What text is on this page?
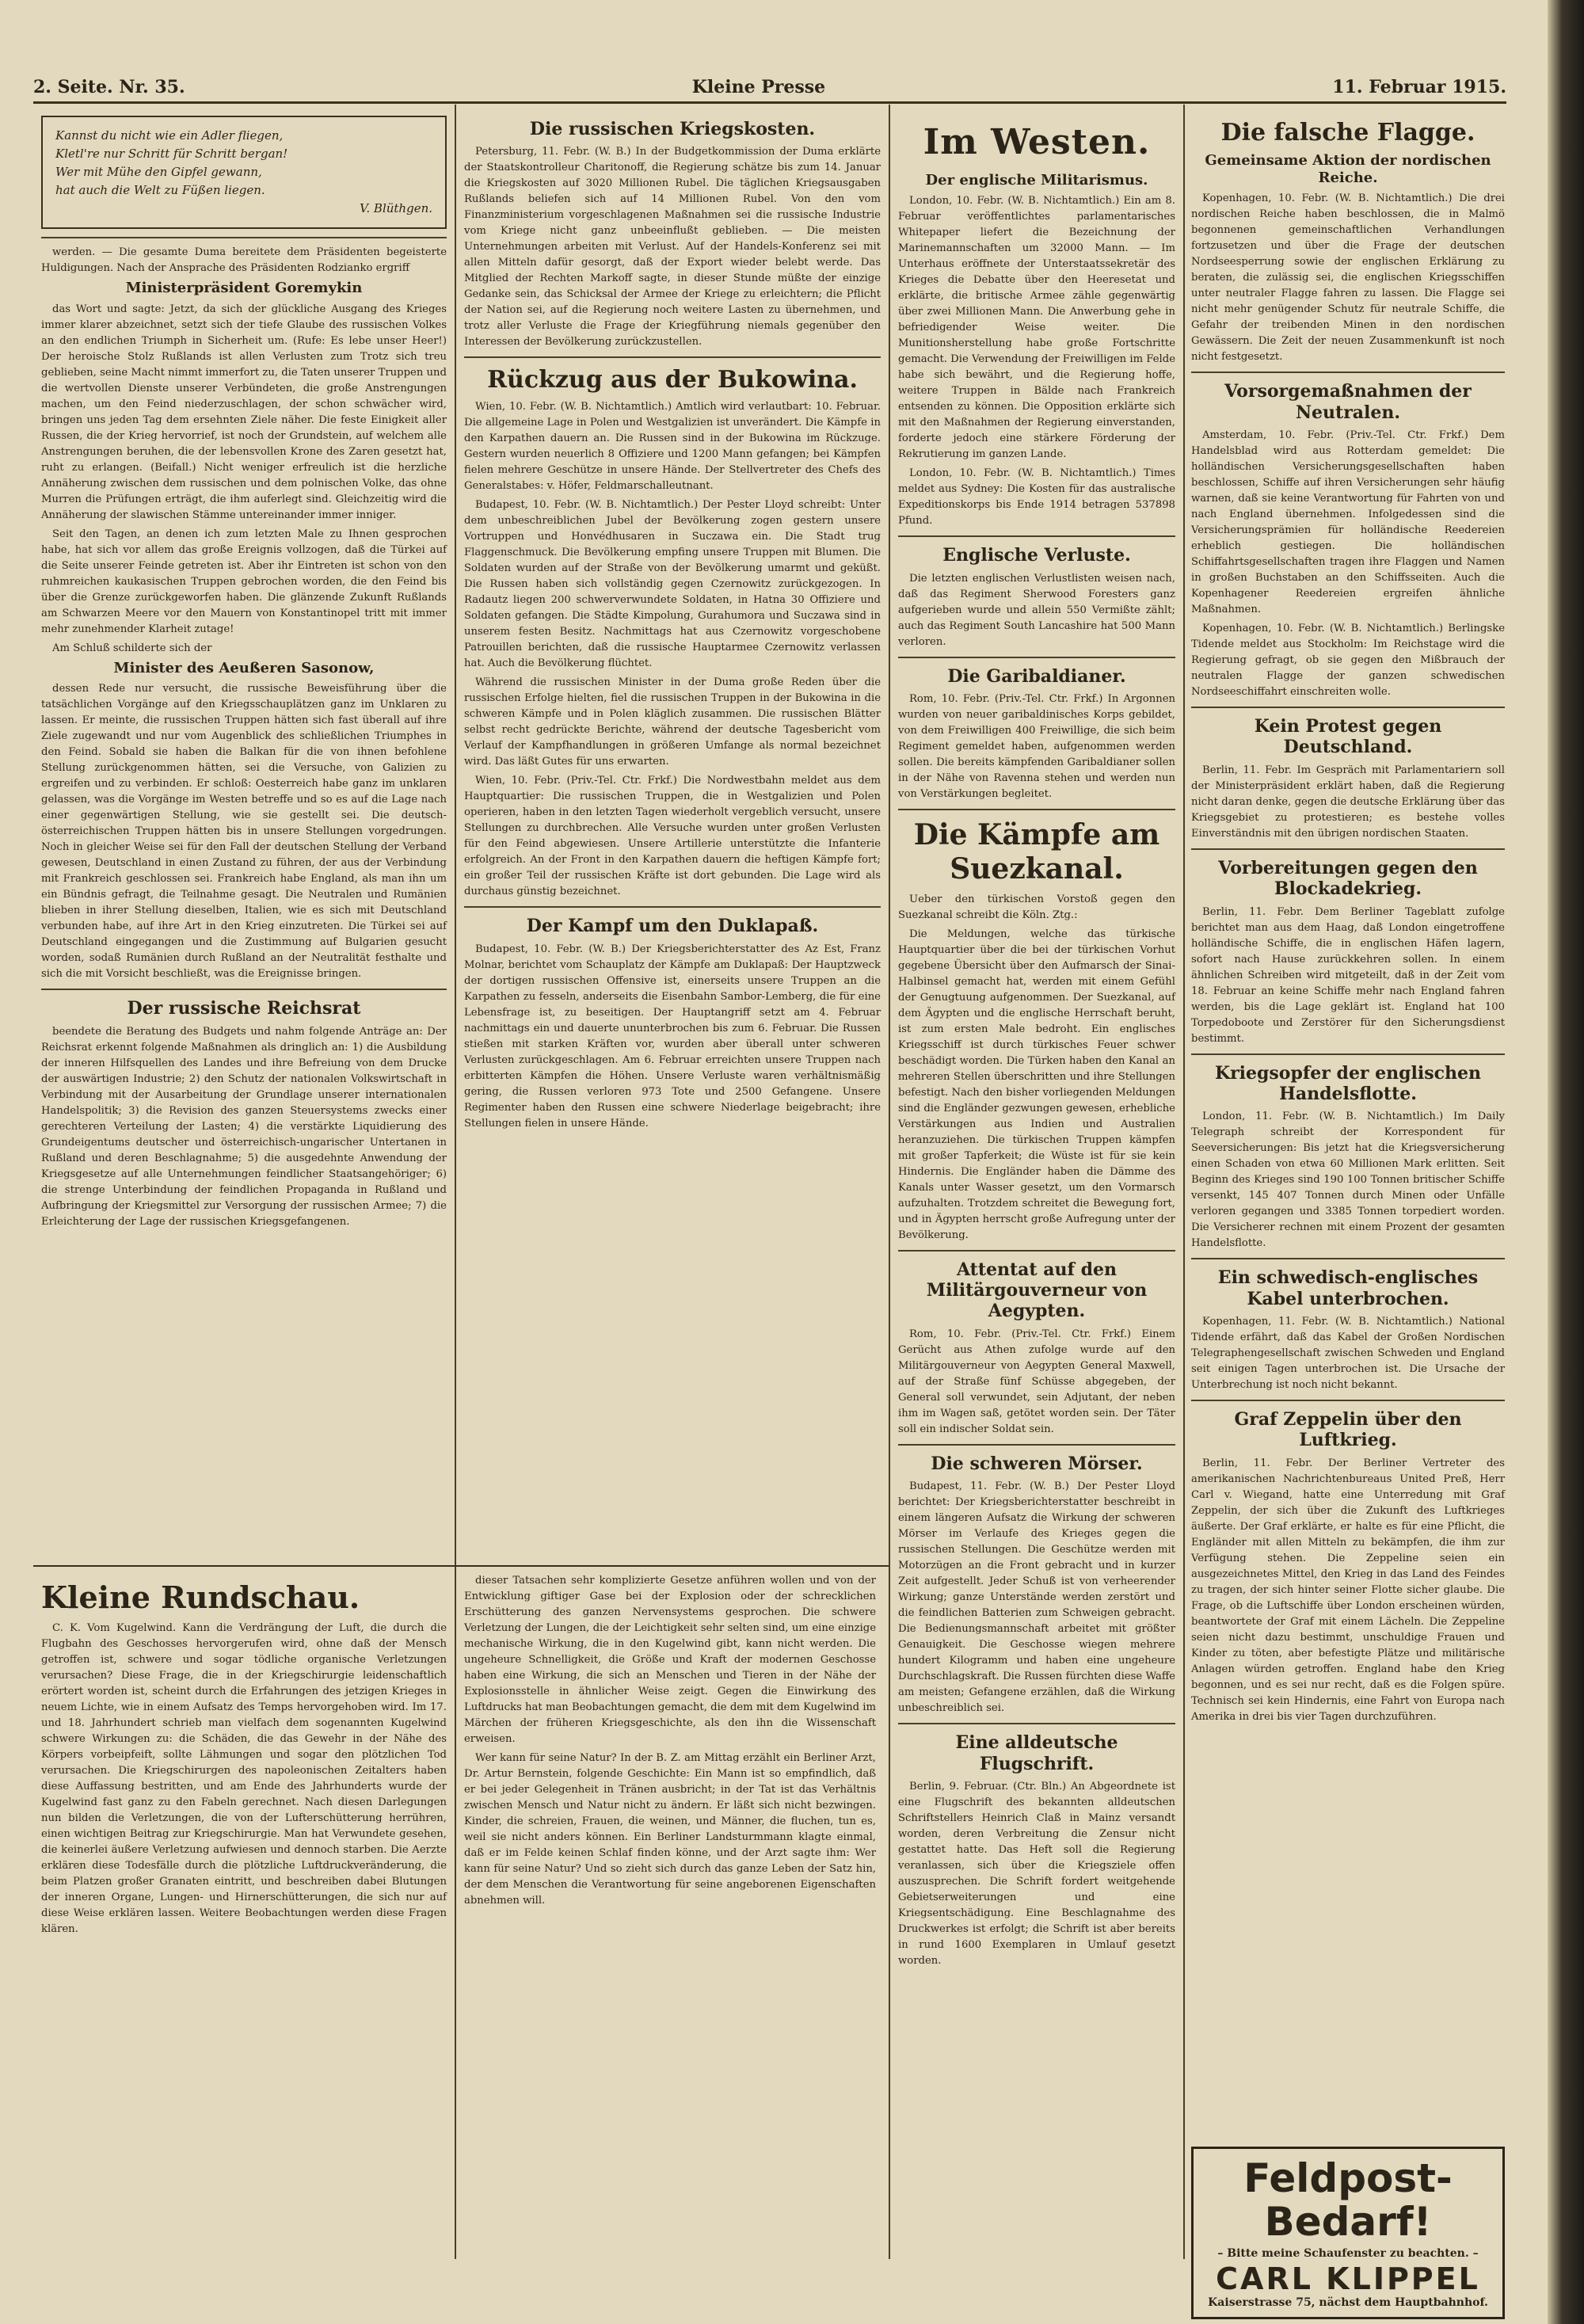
2. Seite. Nr. 35.	Kleine Presse	11. Februar 1915.
Kannst du nicht wie ein Adler fliegen,
Kletl're nur Schritt für Schritt bergan!
Wer mit Mühe den Gipfel gewann,
hat auch die Welt zu Füßen liegen.
V. Blüthgen.

werden. — Die gesamte Duma bereitete dem Präsidenten begeisterte Huldigungen. Nach der Ansprache des Präsidenten Rodzianko ergriff

Ministerpräsident Goremykin

das Wort und sagte: Jetzt, da sich der glückliche Ausgang des Krieges immer klarer abzeichnet, setzt sich der tiefe Glaube des russischen Volkes an den endlichen Triumph in Sicherheit um. (Rufe: Es lebe unser Heer!) Der heroische Stolz Rußlands ist allen Verlusten zum Trotz sich treu geblieben, seine Macht nimmt immerfort zu, die Taten unserer Truppen und die wertvollen Dienste unserer Verbündeten, die große Anstrengungen machen, um den Feind niederzuschlagen, der schon schwächer wird, bringen uns jeden Tag dem ersehnten Ziele näher. Die feste Einigkeit aller Russen, die der Krieg hervorrief, ist noch der Grundstein, auf welchem alle Anstrengungen beruhen, die der lebensvollen Krone des Zaren gesetzt hat, ruht zu erlangen. (Beifall.) Nicht weniger erfreulich ist die herzliche Annäherung zwischen dem russischen und dem polnischen Volke, das ohne Murren die Prüfungen erträgt, die ihm auferlegt sind. Gleichzeitig wird die Annäherung der slawischen Stämme untereinander immer inniger.

Seit den Tagen, an denen ich zum letzten Male zu Ihnen gesprochen habe, hat sich vor allem das große Ereignis vollzogen, daß die Türkei auf die Seite unserer Feinde getreten ist. Aber ihr Eintreten ist schon von den ruhmreichen kaukasischen Truppen gebrochen worden, die den Feind bis über die Grenze zurückgeworfen haben. Die glänzende Zukunft Rußlands am Schwarzen Meere vor den Mauern von Konstantinopel tritt mit immer mehr zunehmender Klarheit zutage!

Am Schluß schilderte sich der

Minister des Aeußeren Sasonow,

dessen Rede nur versucht, die russische Beweisführung über die tatsächlichen Vorgänge auf den Kriegsschauplätzen ganz im Unklaren zu lassen. Er meinte, die russischen Truppen hätten sich fast überall auf ihre Ziele zugewandt und nur vom Augenblick des schließlichen Triumphes in den Feind. Sobald sie haben die Balkan für die von ihnen befohlene Stellung zurückgenommen hätten, sei die Versuche, von Galizien zu ergreifen und zu verbinden. Er schloß: Oesterreich habe ganz im unklaren gelassen, was die Vorgänge im Westen betreffe und so es auf die Lage nach einer gegenwärtigen Stellung, wie sie gestellt sei. Die deutsch-österreichischen Truppen hätten bis in unsere Stellungen vorgedrungen. Noch in gleicher Weise sei für den Fall der deutschen Stellung der Verband gewesen, Deutschland in einen Zustand zu führen, der aus der Verbindung mit Frankreich geschlossen sei. Frankreich habe England, als man ihn um ein Bündnis gefragt, die Teilnahme gesagt. Die Neutralen und Rumänien blieben in ihrer Stellung dieselben, Italien, wie es sich mit Deutschland verbunden habe, auf ihre Art in den Krieg einzutreten. Die Türkei sei auf Deutschland eingegangen und die Zustimmung auf Bulgarien gesucht worden, sodaß Rumänien durch Rußland an der Neutralität festhalte und sich die mit Vorsicht beschließt, was die Ereignisse bringen.

Der russische Reichsrat

beendete die Beratung des Budgets und nahm folgende Anträge an: Der Reichsrat erkennt folgende Maßnahmen als dringlich an: 1) die Ausbildung der inneren Hilfsquellen des Landes und ihre Befreiung von dem Drucke der auswärtigen Industrie; 2) den Schutz der nationalen Volkswirtschaft in Verbindung mit der Ausarbeitung der Grundlage unserer internationalen Handelspolitik; 3) die Revision des ganzen Steuersystems zwecks einer gerechteren Verteilung der Lasten; 4) die verstärkte Liquidierung des Grundeigentums deutscher und österreichisch-ungarischer Untertanen in Rußland und deren Beschlagnahme; 5) die ausgedehnte Anwendung der Kriegsgesetze auf alle Unternehmungen feindlicher Staatsangehöriger; 6) die strenge Unterbindung der feindlichen Propaganda in Rußland und Aufbringung der Kriegsmittel zur Versorgung der russischen Armee; 7) die Erleichterung der Lage der russischen Kriegsgefangenen.

Die russischen Kriegskosten.

Petersburg, 11. Febr. (W. B.) In der Budgetkommission der Duma erklärte der Staatskontrolleur Charitonoff, die Regierung schätze bis zum 14. Januar die Kriegskosten auf 3020 Millionen Rubel. Die täglichen Kriegsausgaben Rußlands beliefen sich auf 14 Millionen Rubel. Von den vom Finanzministerium vorgeschlagenen Maßnahmen sei die russische Industrie vom Kriege nicht ganz unbeeinflußt geblieben. — Die meisten Unternehmungen arbeiten mit Verlust. Auf der Handels-Konferenz sei mit allen Mitteln dafür gesorgt, daß der Export wieder belebt werde. Das Mitglied der Rechten Markoff sagte, in dieser Stunde müßte der einzige Gedanke sein, das Schicksal der Armee der Kriege zu erleichtern; die Pflicht der Nation sei, auf die Regierung noch weitere Lasten zu übernehmen, und trotz aller Verluste die Frage der Kriegführung niemals gegenüber den Interessen der Bevölkerung zurückzustellen.

Rückzug aus der Bukowina.

Wien, 10. Febr. (W. B. Nichtamtlich.) Amtlich wird verlautbart: 10. Februar. Die allgemeine Lage in Polen und Westgalizien ist unverändert. Die Kämpfe in den Karpathen dauern an. Die Russen sind in der Bukowina im Rückzuge. Gestern wurden neuerlich 8 Offiziere und 1200 Mann gefangen; bei Kämpfen fielen mehrere Geschütze in unsere Hände. Der Stellvertreter des Chefs des Generalstabes: v. Höfer, Feldmarschalleutnant.

Budapest, 10. Febr. (W. B. Nichtamtlich.) Der Pester Lloyd schreibt: Unter dem unbeschreiblichen Jubel der Bevölkerung zogen gestern unsere Vortruppen und Honvédhusaren in Suczawa ein. Die Stadt trug Flaggenschmuck. Die Bevölkerung empfing unsere Truppen mit Blumen. Die Soldaten wurden auf der Straße von der Bevölkerung umarmt und geküßt. Die Russen haben sich vollständig gegen Czernowitz zurückgezogen. In Radautz liegen 200 schwerverwundete Soldaten, in Hatna 30 Offiziere und Soldaten gefangen. Die Städte Kimpolung, Gurahumora und Suczawa sind in unserem festen Besitz. Nachmittags hat aus Czernowitz vorgeschobene Patrouillen berichten, daß die russische Hauptarmee Czernowitz verlassen hat. Auch die Bevölkerung flüchtet.

Während die russischen Minister in der Duma große Reden über die russischen Erfolge hielten, fiel die russischen Truppen in der Bukowina in die schweren Kämpfe und in Polen kläglich zusammen. Die russischen Blätter selbst recht gedrückte Berichte, während der deutsche Tagesbericht vom Verlauf der Kampfhandlungen in größeren Umfange als normal bezeichnet wird. Das läßt Gutes für uns erwarten.

Wien, 10. Febr. (Priv.-Tel. Ctr. Frkf.) Die Nordwestbahn meldet aus dem Hauptquartier: Die russischen Truppen, die in Westgalizien und Polen operieren, haben in den letzten Tagen wiederholt vergeblich versucht, unsere Stellungen zu durchbrechen. Alle Versuche wurden unter großen Verlusten für den Feind abgewiesen. Unsere Artillerie unterstützte die Infanterie erfolgreich. An der Front in den Karpathen dauern die heftigen Kämpfe fort; ein großer Teil der russischen Kräfte ist dort gebunden. Die Lage wird als durchaus günstig bezeichnet.

Der Kampf um den Duklapaß.

Budapest, 10. Febr. (W. B.) Der Kriegsberichterstatter des Az Est, Franz Molnar, berichtet vom Schauplatz der Kämpfe am Duklapaß: Der Hauptzweck der dortigen russischen Offensive ist, einerseits unsere Truppen an die Karpathen zu fesseln, anderseits die Eisenbahn Sambor-Lemberg, die für eine Lebensfrage ist, zu beseitigen. Der Hauptangriff setzt am 4. Februar nachmittags ein und dauerte ununterbrochen bis zum 6. Februar. Die Russen stießen mit starken Kräften vor, wurden aber überall unter schweren Verlusten zurückgeschlagen. Am 6. Februar erreichten unsere Truppen nach erbitterten Kämpfen die Höhen. Unsere Verluste waren verhältnismäßig gering, die Russen verloren 973 Tote und 2500 Gefangene. Unsere Regimenter haben den Russen eine schwere Niederlage beigebracht; ihre Stellungen fielen in unsere Hände.

Kleine Rundschau.

C. K. Vom Kugelwind. Kann die Verdrängung der Luft, die durch die Flugbahn des Geschosses hervorgerufen wird, ohne daß der Mensch getroffen ist, schwere und sogar tödliche organische Verletzungen verursachen? Diese Frage, die in der Kriegschirurgie leidenschaftlich erörtert worden ist, scheint durch die Erfahrungen des jetzigen Krieges in neuem Lichte, wie in einem Aufsatz des Temps hervorgehoben wird. Im 17. und 18. Jahrhundert schrieb man vielfach dem sogenannten Kugelwind schwere Wirkungen zu: die Schäden, die das Gewehr in der Nähe des Körpers vorbeipfeift, sollte Lähmungen und sogar den plötzlichen Tod verursachen. Die Kriegschirurgen des napoleonischen Zeitalters haben diese Auffassung bestritten, und am Ende des Jahrhunderts wurde der Kugelwind fast ganz zu den Fabeln gerechnet. Nach diesen Darlegungen nun bilden die Verletzungen, die von der Lufterschütterung herrühren, einen wichtigen Beitrag zur Kriegschirurgie. Man hat Verwundete gesehen, die keinerlei äußere Verletzung aufwiesen und dennoch starben. Die Aerzte erklären diese Todesfälle durch die plötzliche Luftdruckveränderung, die beim Platzen großer Granaten eintritt, und beschreiben dabei Blutungen der inneren Organe, Lungen- und Hirnerschütterungen, die sich nur auf diese Weise erklären lassen. Weitere Beobachtungen werden diese Fragen klären.

dieser Tatsachen sehr komplizierte Gesetze anführen wollen und von der Entwicklung giftiger Gase bei der Explosion oder der schrecklichen Erschütterung des ganzen Nervensystems gesprochen. Die schwere Verletzung der Lungen, die der Leichtigkeit sehr selten sind, um eine einzige mechanische Wirkung, die in den Kugelwind gibt, kann nicht werden. Die ungeheure Schnelligkeit, die Größe und Kraft der modernen Geschosse haben eine Wirkung, die sich an Menschen und Tieren in der Nähe der Explosionsstelle in ähnlicher Weise zeigt. Gegen die Einwirkung des Luftdrucks hat man Beobachtungen gemacht, die dem mit dem Kugelwind im Märchen der früheren Kriegsgeschichte, als den ihn die Wissenschaft erweisen.

Wer kann für seine Natur? In der B. Z. am Mittag erzählt ein Berliner Arzt, Dr. Artur Bernstein, folgende Geschichte: Ein Mann ist so empfindlich, daß er bei jeder Gelegenheit in Tränen ausbricht; in der Tat ist das Verhältnis zwischen Mensch und Natur nicht zu ändern. Er läßt sich nicht bezwingen. Kinder, die schreien, Frauen, die weinen, und Männer, die fluchen, tun es, weil sie nicht anders können. Ein Berliner Landsturmmann klagte einmal, daß er im Felde keinen Schlaf finden könne, und der Arzt sagte ihm: Wer kann für seine Natur? Und so zieht sich durch das ganze Leben der Satz hin, der dem Menschen die Verantwortung für seine angeborenen Eigenschaften abnehmen will.

Im Westen.
Der englische Militarismus.

London, 10. Febr. (W. B. Nichtamtlich.) Ein am 8. Februar veröffentlichtes parlamentarisches Whitepaper liefert die Bezeichnung der Marinemannschaften um 32000 Mann. — Im Unterhaus eröffnete der Unterstaatssekretär des Krieges die Debatte über den Heeresetat und erklärte, die britische Armee zähle gegenwärtig über zwei Millionen Mann. Die Anwerbung gehe in befriedigender Weise weiter. Die Munitionsherstellung habe große Fortschritte gemacht. Die Verwendung der Freiwilligen im Felde habe sich bewährt, und die Regierung hoffe, weitere Truppen in Bälde nach Frankreich entsenden zu können. Die Opposition erklärte sich mit den Maßnahmen der Regierung einverstanden, forderte jedoch eine stärkere Förderung der Rekrutierung im ganzen Lande.

London, 10. Febr. (W. B. Nichtamtlich.) Times meldet aus Sydney: Die Kosten für das australische Expeditionskorps bis Ende 1914 betragen 537898 Pfund.

Englische Verluste.

Die letzten englischen Verlustlisten weisen nach, daß das Regiment Sherwood Foresters ganz aufgerieben wurde und allein 550 Vermißte zählt; auch das Regiment South Lancashire hat 500 Mann verloren.

Die Garibaldianer.

Rom, 10. Febr. (Priv.-Tel. Ctr. Frkf.) In Argonnen wurden von neuer garibaldinisches Korps gebildet, von dem Freiwilligen 400 Freiwillige, die sich beim Regiment gemeldet haben, aufgenommen werden sollen. Die bereits kämpfenden Garibaldianer sollen in der Nähe von Ravenna stehen und werden nun von Verstärkungen begleitet.

Die Kämpfe am Suezkanal.

Ueber den türkischen Vorstoß gegen den Suezkanal schreibt die Köln. Ztg.:

Die Meldungen, welche das türkische Hauptquartier über die bei der türkischen Vorhut gegebene Übersicht über den Aufmarsch der Sinai-Halbinsel gemacht hat, werden mit einem Gefühl der Genugtuung aufgenommen. Der Suezkanal, auf dem Ägypten und die englische Herrschaft beruht, ist zum ersten Male bedroht. Ein englisches Kriegsschiff ist durch türkisches Feuer schwer beschädigt worden. Die Türken haben den Kanal an mehreren Stellen überschritten und ihre Stellungen befestigt. Nach den bisher vorliegenden Meldungen sind die Engländer gezwungen gewesen, erhebliche Verstärkungen aus Indien und Australien heranzuziehen. Die türkischen Truppen kämpfen mit großer Tapferkeit; die Wüste ist für sie kein Hindernis. Die Engländer haben die Dämme des Kanals unter Wasser gesetzt, um den Vormarsch aufzuhalten. Trotzdem schreitet die Bewegung fort, und in Ägypten herrscht große Aufregung unter der Bevölkerung.

Attentat auf den Militärgouverneur von Aegypten.

Rom, 10. Febr. (Priv.-Tel. Ctr. Frkf.) Einem Gerücht aus Athen zufolge wurde auf den Militärgouverneur von Aegypten General Maxwell, auf der Straße fünf Schüsse abgegeben, der General soll verwundet, sein Adjutant, der neben ihm im Wagen saß, getötet worden sein. Der Täter soll ein indischer Soldat sein.

Die schweren Mörser.

Budapest, 11. Febr. (W. B.) Der Pester Lloyd berichtet: Der Kriegsberichterstatter beschreibt in einem längeren Aufsatz die Wirkung der schweren Mörser im Verlaufe des Krieges gegen die russischen Stellungen. Die Geschütze werden mit Motorzügen an die Front gebracht und in kurzer Zeit aufgestellt. Jeder Schuß ist von verheerender Wirkung; ganze Unterstände werden zerstört und die feindlichen Batterien zum Schweigen gebracht. Die Bedienungsmannschaft arbeitet mit größter Genauigkeit. Die Geschosse wiegen mehrere hundert Kilogramm und haben eine ungeheure Durchschlagskraft. Die Russen fürchten diese Waffe am meisten; Gefangene erzählen, daß die Wirkung unbeschreiblich sei.

Eine alldeutsche Flugschrift.

Berlin, 9. Februar. (Ctr. Bln.) An Abgeordnete ist eine Flugschrift des bekannten alldeutschen Schriftstellers Heinrich Claß in Mainz versandt worden, deren Verbreitung die Zensur nicht gestattet hatte. Das Heft soll die Regierung veranlassen, sich über die Kriegsziele offen auszusprechen. Die Schrift fordert weitgehende Gebietserweiterungen und eine Kriegsentschädigung. Eine Beschlagnahme des Druckwerkes ist erfolgt; die Schrift ist aber bereits in rund 1600 Exemplaren in Umlauf gesetzt worden.

Die falsche Flagge.
Gemeinsame Aktion der nordischen Reiche.

Kopenhagen, 10. Febr. (W. B. Nichtamtlich.) Die drei nordischen Reiche haben beschlossen, die in Malmö begonnenen gemeinschaftlichen Verhandlungen fortzusetzen und über die Frage der deutschen Nordseesperrung sowie der englischen Erklärung zu beraten, die zulässig sei, die englischen Kriegsschiffen unter neutraler Flagge fahren zu lassen. Die Flagge sei nicht mehr genügender Schutz für neutrale Schiffe, die Gefahr der treibenden Minen in den nordischen Gewässern. Die Zeit der neuen Zusammenkunft ist noch nicht festgesetzt.

Vorsorgemaßnahmen der Neutralen.

Amsterdam, 10. Febr. (Priv.-Tel. Ctr. Frkf.) Dem Handelsblad wird aus Rotterdam gemeldet: Die holländischen Versicherungsgesellschaften haben beschlossen, Schiffe auf ihren Versicherungen sehr häufig warnen, daß sie keine Verantwortung für Fahrten von und nach England übernehmen. Infolgedessen sind die Versicherungsprämien für holländische Reedereien erheblich gestiegen. Die holländischen Schiffahrtsgesellschaften tragen ihre Flaggen und Namen in großen Buchstaben an den Schiffsseiten. Auch die Kopenhagener Reedereien ergreifen ähnliche Maßnahmen.

Kopenhagen, 10. Febr. (W. B. Nichtamtlich.) Berlingske Tidende meldet aus Stockholm: Im Reichstage wird die Regierung gefragt, ob sie gegen den Mißbrauch der neutralen Flagge der ganzen schwedischen Nordseeschiffahrt einschreiten wolle.

Kein Protest gegen Deutschland.

Berlin, 11. Febr. Im Gespräch mit Parlamentariern soll der Ministerpräsident erklärt haben, daß die Regierung nicht daran denke, gegen die deutsche Erklärung über das Kriegsgebiet zu protestieren; es bestehe volles Einverständnis mit den übrigen nordischen Staaten.

Vorbereitungen gegen den Blockadekrieg.

Berlin, 11. Febr. Dem Berliner Tageblatt zufolge berichtet man aus dem Haag, daß London eingetroffene holländische Schiffe, die in englischen Häfen lagern, sofort nach Hause zurückkehren sollen. In einem ähnlichen Schreiben wird mitgeteilt, daß in der Zeit vom 18. Februar an keine Schiffe mehr nach England fahren werden, bis die Lage geklärt ist. England hat 100 Torpedoboote und Zerstörer für den Sicherungsdienst bestimmt.

Kriegsopfer der englischen Handelsflotte.

London, 11. Febr. (W. B. Nichtamtlich.) Im Daily Telegraph schreibt der Korrespondent für Seeversicherungen: Bis jetzt hat die Kriegsversicherung einen Schaden von etwa 60 Millionen Mark erlitten. Seit Beginn des Krieges sind 190 100 Tonnen britischer Schiffe versenkt, 145 407 Tonnen durch Minen oder Unfälle verloren gegangen und 3385 Tonnen torpediert worden. Die Versicherer rechnen mit einem Prozent der gesamten Handelsflotte.

Ein schwedisch-englisches Kabel unterbrochen.

Kopenhagen, 11. Febr. (W. B. Nichtamtlich.) National Tidende erfährt, daß das Kabel der Großen Nordischen Telegraphengesellschaft zwischen Schweden und England seit einigen Tagen unterbrochen ist. Die Ursache der Unterbrechung ist noch nicht bekannt.

Graf Zeppelin über den Luftkrieg.

Berlin, 11. Febr. Der Berliner Vertreter des amerikanischen Nachrichtenbureaus United Preß, Herr Carl v. Wiegand, hatte eine Unterredung mit Graf Zeppelin, der sich über die Zukunft des Luftkrieges äußerte. Der Graf erklärte, er halte es für eine Pflicht, die Engländer mit allen Mitteln zu bekämpfen, die ihm zur Verfügung stehen. Die Zeppeline seien ein ausgezeichnetes Mittel, den Krieg in das Land des Feindes zu tragen, der sich hinter seiner Flotte sicher glaube. Die Frage, ob die Luftschiffe über London erscheinen würden, beantwortete der Graf mit einem Lächeln. Die Zeppeline seien nicht dazu bestimmt, unschuldige Frauen und Kinder zu töten, aber befestigte Plätze und militärische Anlagen würden getroffen. England habe den Krieg begonnen, und es sei nur recht, daß es die Folgen spüre. Technisch sei kein Hindernis, eine Fahrt von Europa nach Amerika in drei bis vier Tagen durchzuführen.

Feldpost-Bedarf!
– Bitte meine Schaufenster zu beachten. –
CARL KLIPPEL
Kaiserstrasse 75, nächst dem Hauptbahnhof.
